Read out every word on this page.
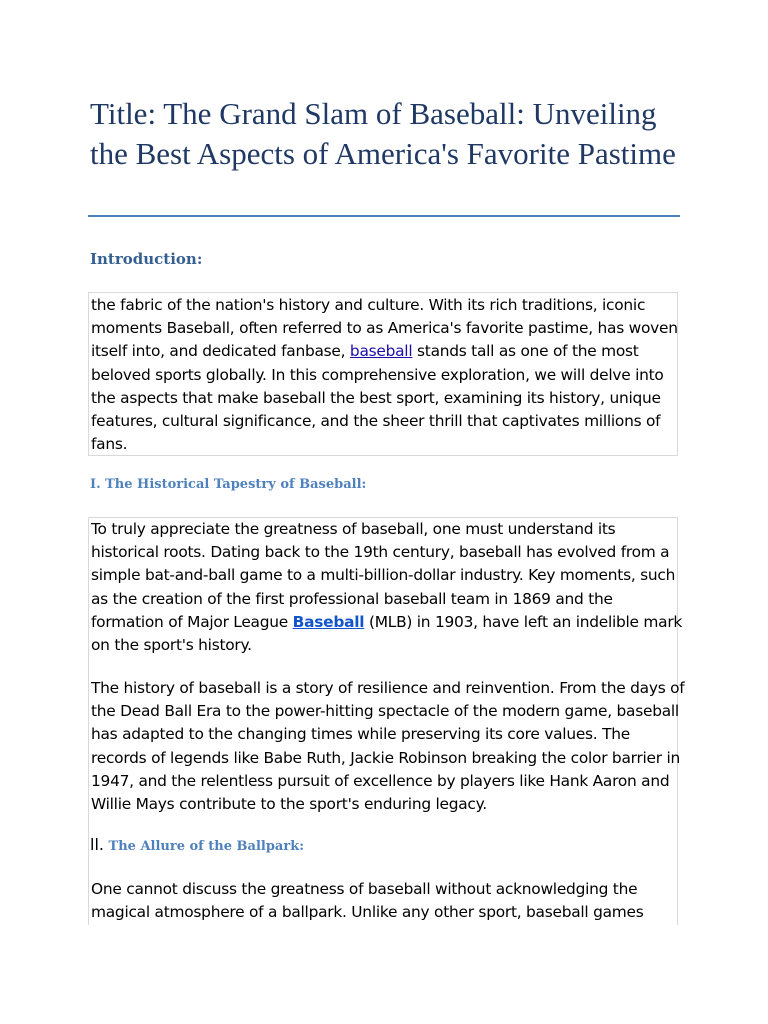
Title: The Grand Slam of Baseball: Unveiling the Best Aspects of America's Favorite Pastime
Introduction:

the fabric of the nation's history and culture. With its rich traditions, iconic moments Baseball, often referred to as America's favorite pastime, has woven itself into, and dedicated fanbase, baseball stands tall as one of the most beloved sports globally. In this comprehensive exploration, we will delve into the aspects that make baseball the best sport, examining its history, unique features, cultural significance, and the sheer thrill that captivates millions of fans.

I. The Historical Tapestry of Baseball:

To truly appreciate the greatness of baseball, one must understand its historical roots. Dating back to the 19th century, baseball has evolved from a simple bat-and-ball game to a multi-billion-dollar industry. Key moments, such as the creation of the first professional baseball team in 1869 and the formation of Major League Baseball (MLB) in 1903, have left an indelible mark on the sport's history.

The history of baseball is a story of resilience and reinvention. From the days of the Dead Ball Era to the power-hitting spectacle of the modern game, baseball has adapted to the changing times while preserving its core values. The records of legends like Babe Ruth, Jackie Robinson breaking the color barrier in 1947, and the relentless pursuit of excellence by players like Hank Aaron and Willie Mays contribute to the sport's enduring legacy.

ll. The Allure of the Ballpark:

One cannot discuss the greatness of baseball without acknowledging the magical atmosphere of a ballpark. Unlike any other sport, baseball games
